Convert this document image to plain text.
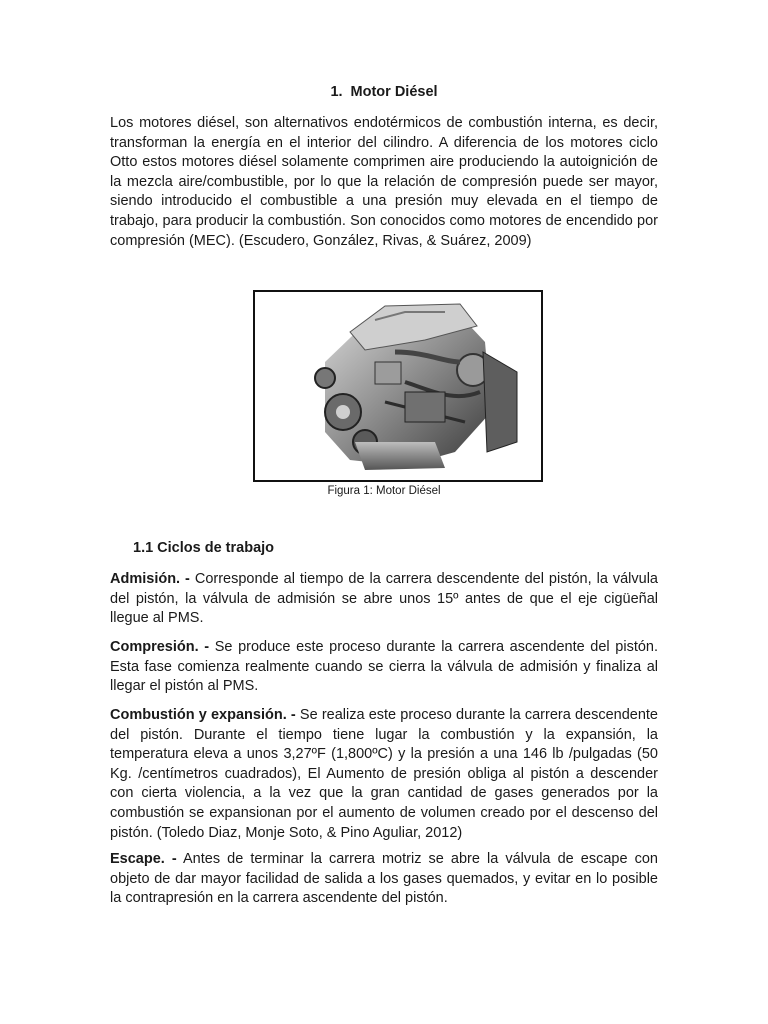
1. Motor Diésel

Los motores diésel, son alternativos endotérmicos de combustión interna, es decir, transforman la energía en el interior del cilindro. A diferencia de los motores ciclo Otto estos motores diésel solamente comprimen aire produciendo la autoignición de la mezcla aire/combustible, por lo que la relación de compresión puede ser mayor, siendo introducido el combustible a una presión muy elevada en el tiempo de trabajo, para producir la combustión. Son conocidos como motores de encendido por compresión (MEC). (Escudero, González, Rivas, & Suárez, 2009)

Figura 1: Motor Diésel

1.1 Ciclos de trabajo

Admisión. - Corresponde al tiempo de la carrera descendente del pistón, la válvula del pistón, la válvula de admisión se abre unos 15º antes de que el eje cigüeñal llegue al PMS.

Compresión. - Se produce este proceso durante la carrera ascendente del pistón. Esta fase comienza realmente cuando se cierra la válvula de admisión y finaliza al llegar el pistón al PMS.

Combustión y expansión. - Se realiza este proceso durante la carrera descendente del pistón. Durante el tiempo tiene lugar la combustión y la expansión, la temperatura eleva a unos 3,27ºF (1,800ºC) y la presión a una 146 lb /pulgadas (50 Kg. /centímetros cuadrados), El Aumento de presión obliga al pistón a descender con cierta violencia, a la vez que la gran cantidad de gases generados por la combustión se expansionan por el aumento de volumen creado por el descenso del pistón. (Toledo Diaz, Monje Soto, & Pino Aguliar, 2012)

Escape. - Antes de terminar la carrera motriz se abre la válvula de escape con objeto de dar mayor facilidad de salida a los gases quemados, y evitar en lo posible la contrapresión en la carrera ascendente del pistón.
